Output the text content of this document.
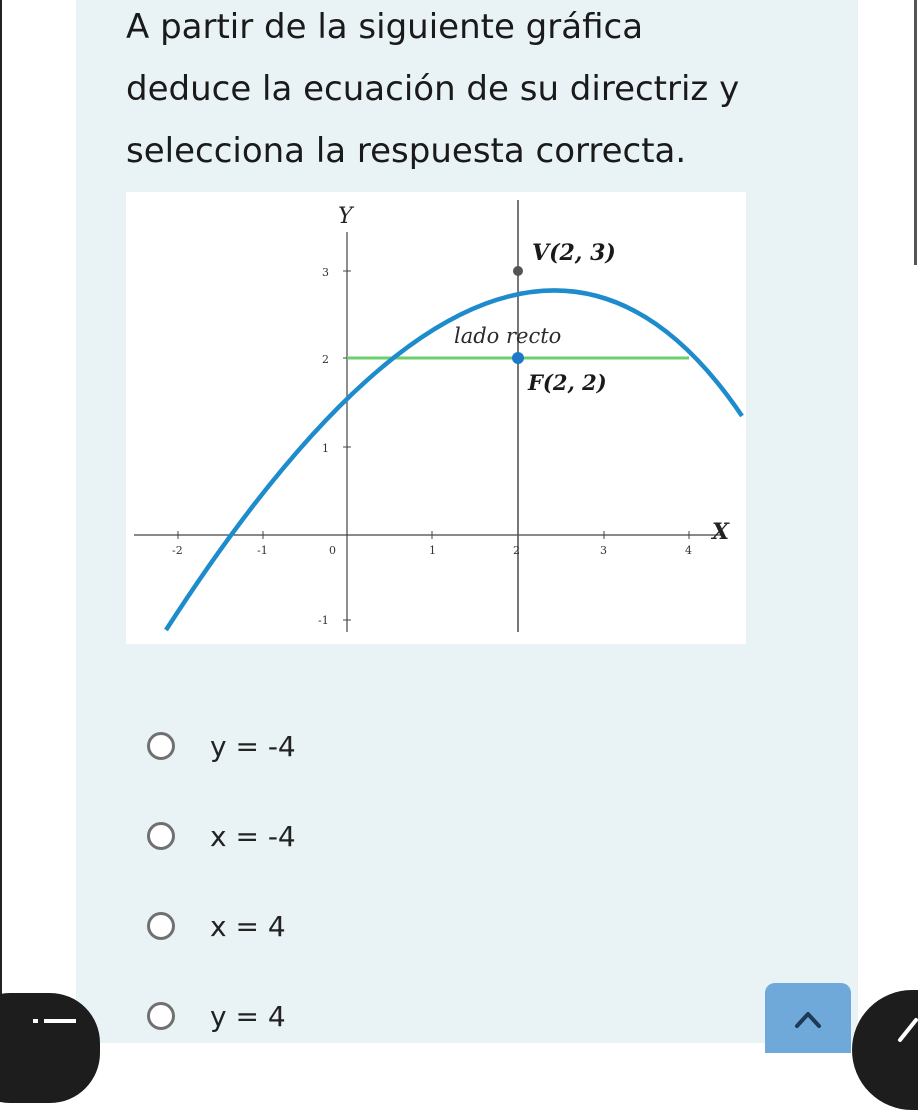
A partir de la siguiente gráfica deduce la ecuación de su directriz y selecciona la respuesta correcta.

-2	-1	0	1	2	3	4
3
2
1
-1
Y
X
V(2, 3)
lado recto
F(2, 2)
y = -4
x = -4
x = 4
y = 4
